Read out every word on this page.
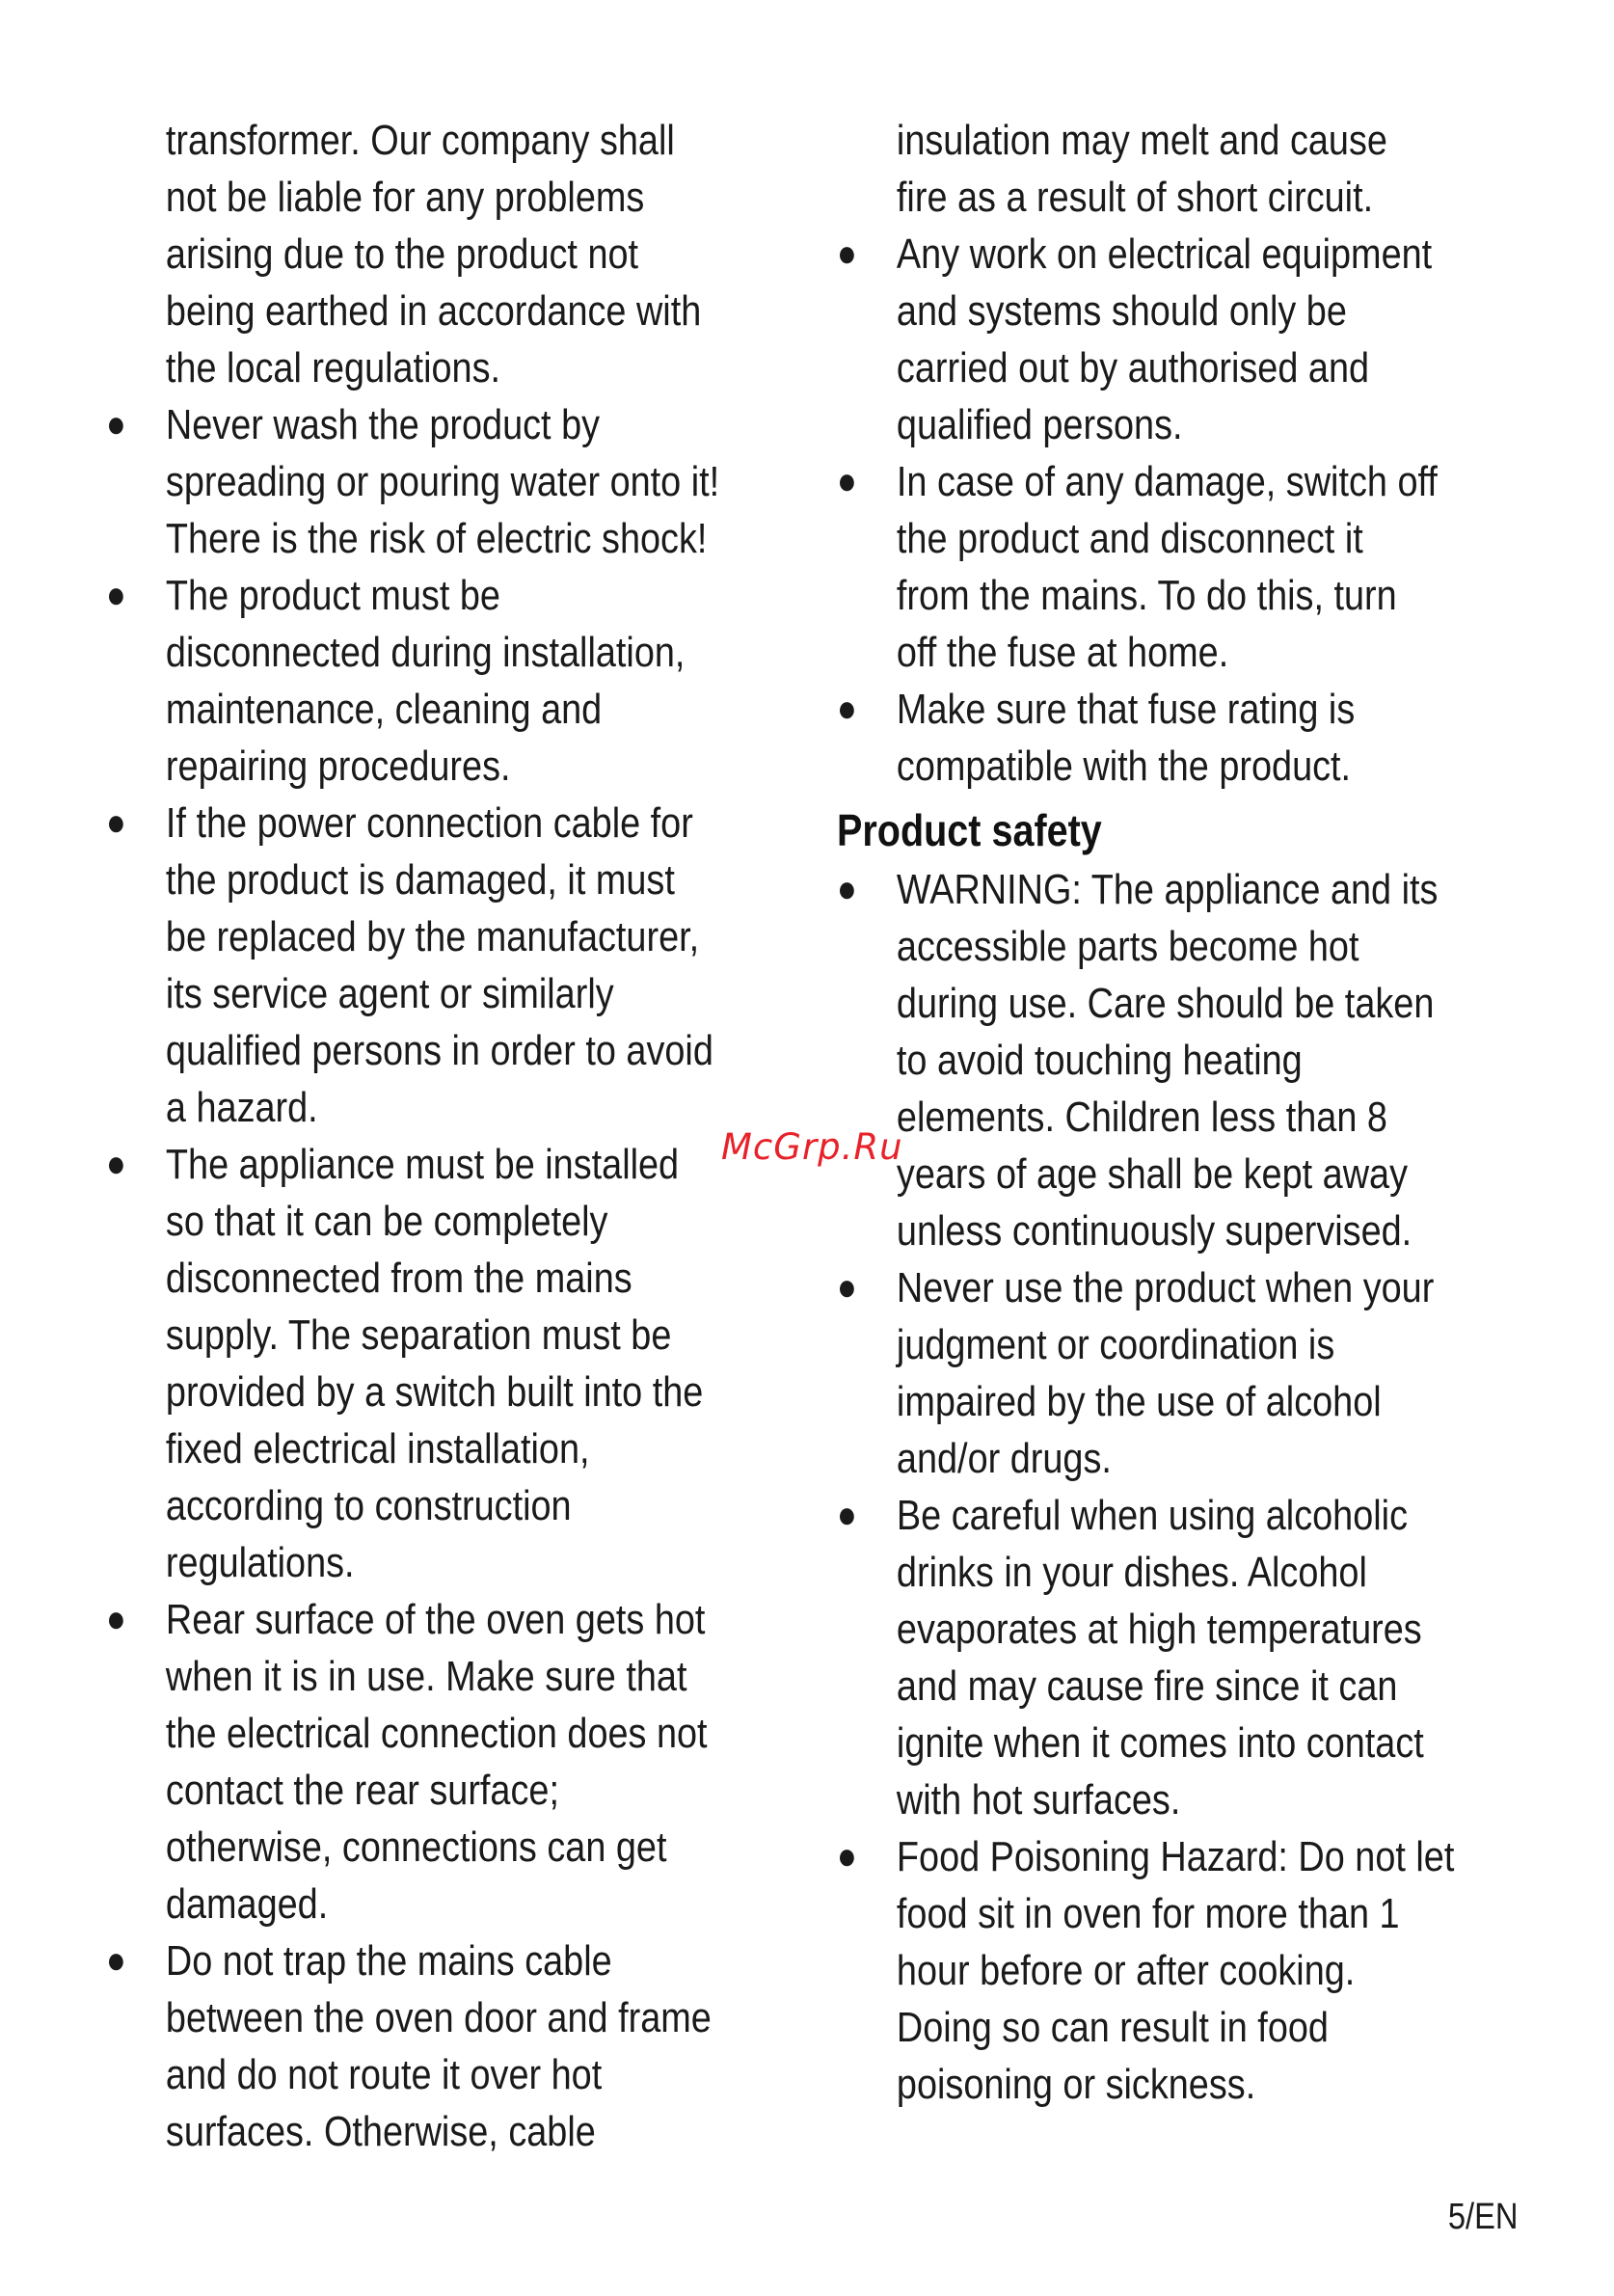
transformer. Our company shall
not be liable for any problems
arising due to the product not
being earthed in accordance with
the local regulations.
● Never wash the product by
spreading or pouring water onto it!
There is the risk of electric shock!
● The product must be
disconnected during installation,
maintenance, cleaning and
repairing procedures.
● If the power connection cable for
the product is damaged, it must
be replaced by the manufacturer,
its service agent or similarly
qualified persons in order to avoid
a hazard.
● The appliance must be installed
so that it can be completely
disconnected from the mains
supply. The separation must be
provided by a switch built into the
fixed electrical installation,
according to construction
regulations.
● Rear surface of the oven gets hot
when it is in use. Make sure that
the electrical connection does not
contact the rear surface;
otherwise, connections can get
damaged.
● Do not trap the mains cable
between the oven door and frame
and do not route it over hot
surfaces. Otherwise, cable
insulation may melt and cause
fire as a result of short circuit.
● Any work on electrical equipment
and systems should only be
carried out by authorised and
qualified persons.
● In case of any damage, switch off
the product and disconnect it
from the mains. To do this, turn
off the fuse at home.
● Make sure that fuse rating is
compatible with the product.
Product safety
● WARNING: The appliance and its
accessible parts become hot
during use. Care should be taken
to avoid touching heating
elements. Children less than 8
years of age shall be kept away
unless continuously supervised.
● Never use the product when your
judgment or coordination is
impaired by the use of alcohol
and/or drugs.
● Be careful when using alcoholic
drinks in your dishes. Alcohol
evaporates at high temperatures
and may cause fire since it can
ignite when it comes into contact
with hot surfaces.
● Food Poisoning Hazard: Do not let
food sit in oven for more than 1
hour before or after cooking.
Doing so can result in food
poisoning or sickness.
McGrp.Ru
5/EN
